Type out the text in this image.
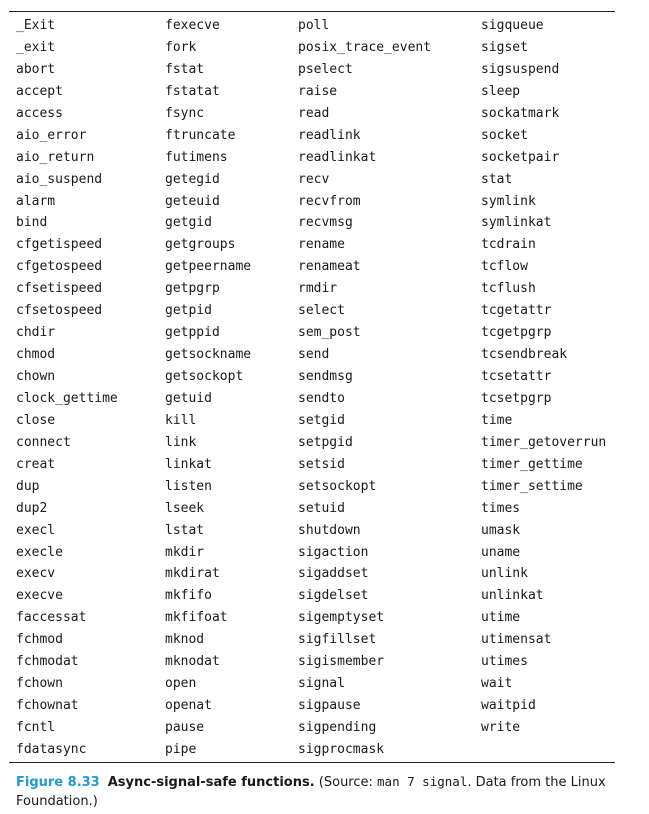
_Exit
_exit
abort
accept
access
aio_error
aio_return
aio_suspend
alarm
bind
cfgetispeed
cfgetospeed
cfsetispeed
cfsetospeed
chdir
chmod
chown
clock_gettime
close
connect
creat
dup
dup2
execl
execle
execv
execve
faccessat
fchmod
fchmodat
fchown
fchownat
fcntl
fdatasync
fexecve
fork
fstat
fstatat
fsync
ftruncate
futimens
getegid
geteuid
getgid
getgroups
getpeername
getpgrp
getpid
getppid
getsockname
getsockopt
getuid
kill
link
linkat
listen
lseek
lstat
mkdir
mkdirat
mkfifo
mkfifoat
mknod
mknodat
open
openat
pause
pipe
poll
posix_trace_event
pselect
raise
read
readlink
readlinkat
recv
recvfrom
recvmsg
rename
renameat
rmdir
select
sem_post
send
sendmsg
sendto
setgid
setpgid
setsid
setsockopt
setuid
shutdown
sigaction
sigaddset
sigdelset
sigemptyset
sigfillset
sigismember
signal
sigpause
sigpending
sigprocmask
sigqueue
sigset
sigsuspend
sleep
sockatmark
socket
socketpair
stat
symlink
symlinkat
tcdrain
tcflow
tcflush
tcgetattr
tcgetpgrp
tcsendbreak
tcsetattr
tcsetpgrp
time
timer_getoverrun
timer_gettime
timer_settime
times
umask
uname
unlink
unlinkat
utime
utimensat
utimes
wait
waitpid
write
Figure 8.33 Async-signal-safe functions. (Source: man 7 signal. Data from the Linux Foundation.)
